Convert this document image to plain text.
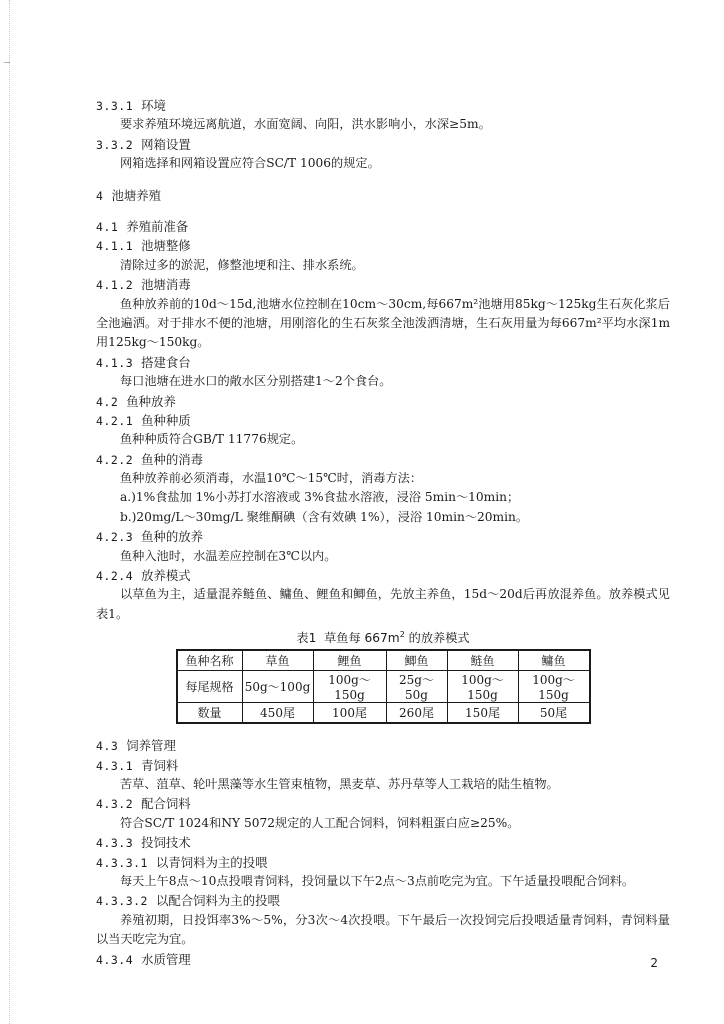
3.3.1 环境
要求养殖环境远离航道，水面宽阔、向阳，洪水影响小，水深≥5m。
3.3.2 网箱设置
网箱选择和网箱设置应符合SC/T 1006的规定。
4 池塘养殖
4.1 养殖前准备
4.1.1 池塘整修
清除过多的淤泥，修整池埂和注、排水系统。
4.1.2 池塘消毒
鱼种放养前的10d～15d,池塘水位控制在10cm～30cm,每667m²池塘用85kg～125kg生石灰化浆后全池遍洒。对于排水不便的池塘，用刚溶化的生石灰浆全池泼洒清塘，生石灰用量为每667m²平均水深1m用125kg～150kg。
4.1.3 搭建食台
每口池塘在进水口的敞水区分别搭建1～2个食台。
4.2 鱼种放养
4.2.1 鱼种种质
鱼种种质符合GB/T 11776规定。
4.2.2 鱼种的消毒
鱼种放养前必须消毒，水温10℃～15℃时，消毒方法：
a.)1%食盐加 1%小苏打水溶液或 3%食盐水溶液，浸浴 5min～10min；
b.)20mg/L～30mg/L 聚维酮碘（含有效碘 1%），浸浴 10min～20min。
4.2.3 鱼种的放养
鱼种入池时，水温差应控制在3℃以内。
4.2.4 放养模式
以草鱼为主，适量混养鲢鱼、鳙鱼、鲤鱼和鲫鱼，先放主养鱼，15d～20d后再放混养鱼。放养模式见表1。
表1 草鱼每 $667m^2$ 的放养模式
鱼种名称	草鱼	鲤鱼	鲫鱼	鲢鱼	鳙鱼
每尾规格	50g～100g	100g～150g	25g～50g	100g～150g	100g～150g
数量	450尾	100尾	260尾	150尾	50尾
4.3 饲养管理
4.3.1 青饲料
苦草、菹草、轮叶黑藻等水生管束植物，黑麦草、苏丹草等人工栽培的陆生植物。
4.3.2 配合饲料
符合SC/T 1024和NY 5072规定的人工配合饲料，饲料粗蛋白应≥25%。
4.3.3 投饲技术
4.3.3.1 以青饲料为主的投喂
每天上午8点～10点投喂青饲料，投饲量以下午2点～3点前吃完为宜。下午适量投喂配合饲料。
4.3.3.2 以配合饲料为主的投喂
养殖初期，日投饵率3%～5%，分3次～4次投喂。下午最后一次投饲完后投喂适量青饲料，青饲料量以当天吃完为宜。
4.3.4 水质管理	2
